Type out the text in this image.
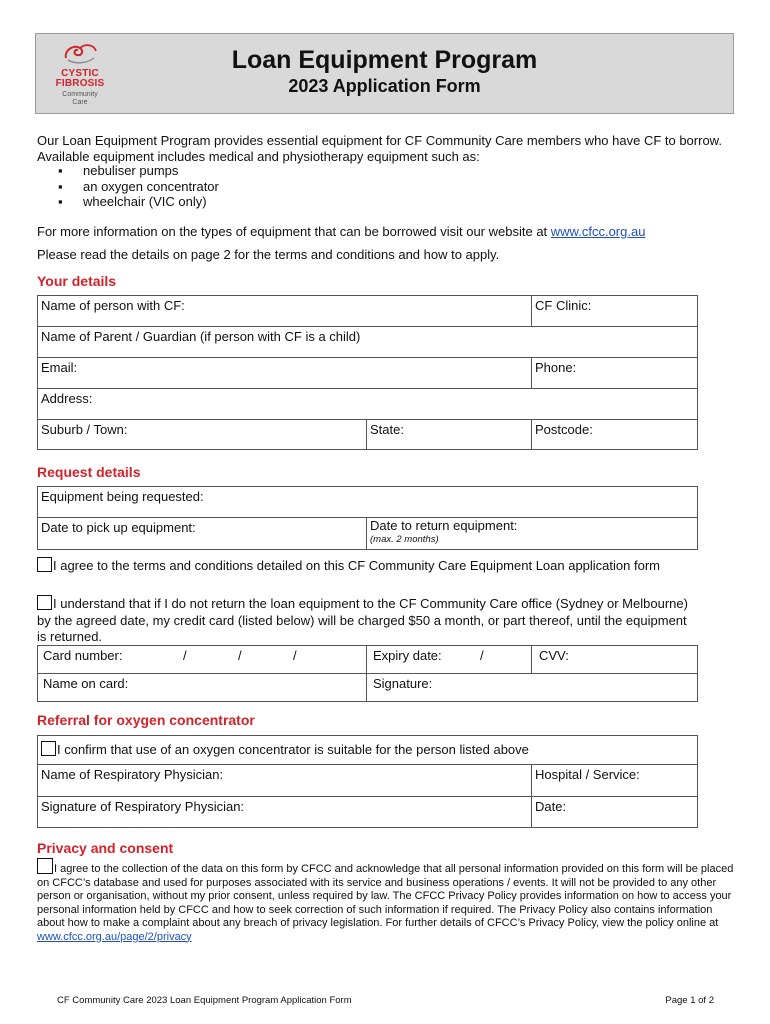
CYSTIC
FIBROSIS
Community
Care
Loan Equipment Program
2023 Application Form
Our Loan Equipment Program provides essential equipment for CF Community Care members who have CF to borrow. Available equipment includes medical and physiotherapy equipment such as:
▪ nebuliser pumps
▪ an oxygen concentrator
▪ wheelchair (VIC only)
For more information on the types of equipment that can be borrowed visit our website at www.cfcc.org.au
Please read the details on page 2 for the terms and conditions and how to apply.
Your details
Name of person with CF:	CF Clinic:
Name of Parent / Guardian (if person with CF is a child)
Email:	Phone:
Address:
Suburb / Town:	State:	Postcode:
Request details
Equipment being requested:
Date to pick up equipment:	Date to return equipment:
(max. 2 months)
I agree to the terms and conditions detailed on this CF Community Care Equipment Loan application form
I understand that if I do not return the loan equipment to the CF Community Care office (Sydney or Melbourne) by the agreed date, my credit card (listed below) will be charged $50 a month, or part thereof, until the equipment is returned.
Card number:	/	/	/	Expiry date:	/	CVV:
Name on card:	Signature:
Referral for oxygen concentrator
I confirm that use of an oxygen concentrator is suitable for the person listed above
Name of Respiratory Physician:	Hospital / Service:
Signature of Respiratory Physician:	Date:
Privacy and consent
I agree to the collection of the data on this form by CFCC and acknowledge that all personal information provided on this form will be placed on CFCC’s database and used for purposes associated with its service and business operations / events. It will not be provided to any other person or organisation, without my prior consent, unless required by law. The CFCC Privacy Policy provides information on how to access your personal information held by CFCC and how to seek correction of such information if required. The Privacy Policy also contains information about how to make a complaint about any breach of privacy legislation. For further details of CFCC’s Privacy Policy, view the policy online at www.cfcc.org.au/page/2/privacy
CF Community Care 2023 Loan Equipment Program Application Form	Page 1 of 2
